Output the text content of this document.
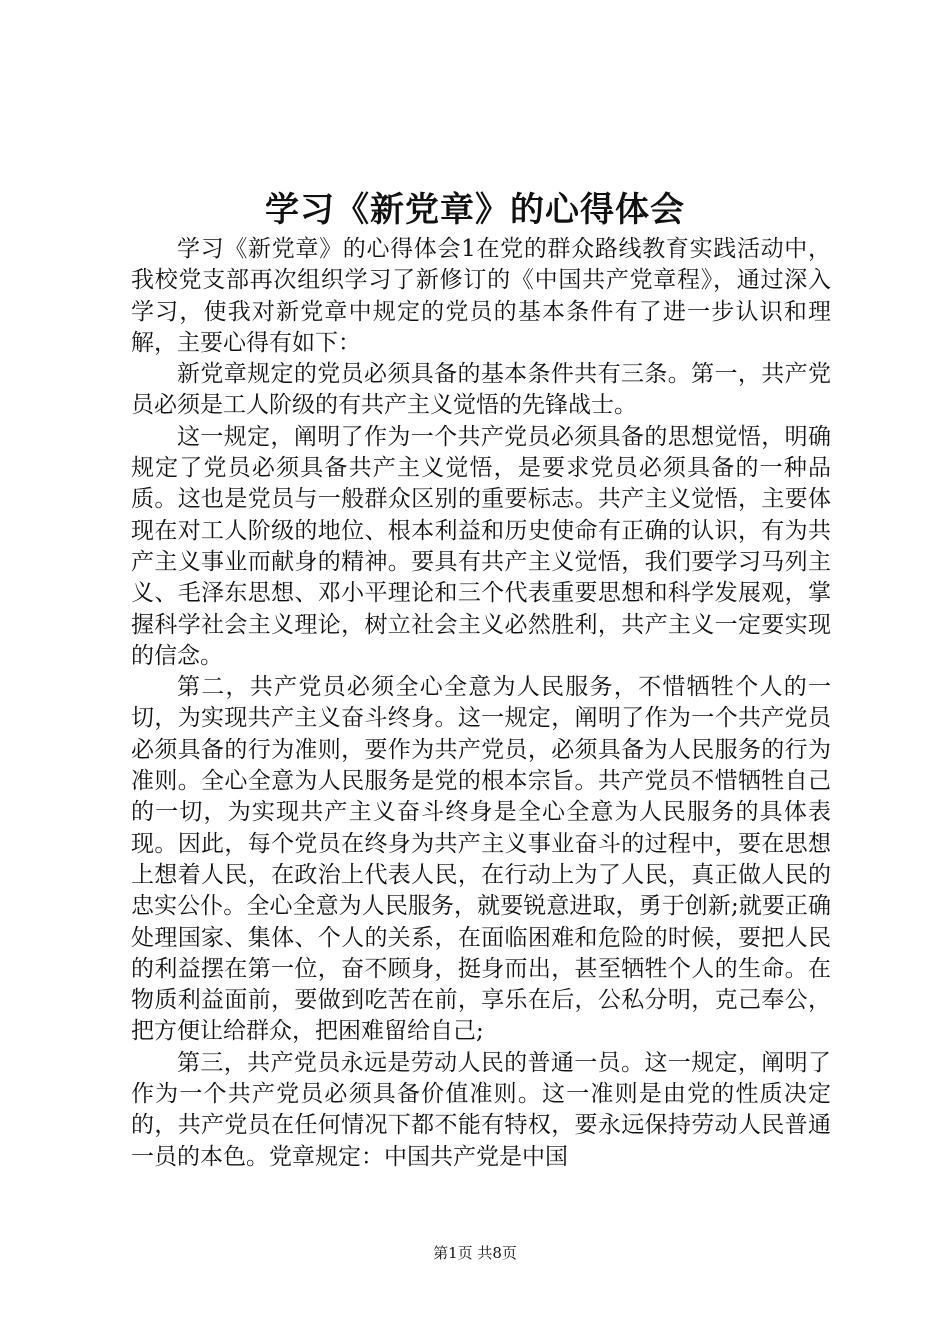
学习《新党章》的心得体会

学习《新党章》的心得体会1在党的群众路线教育实践活动中，我校党支部再次组织学习了新修订的《中国共产党章程》，通过深入学习，使我对新党章中规定的党员的基本条件有了进一步认识和理解，主要心得有如下：

新党章规定的党员必须具备的基本条件共有三条。第一，共产党员必须是工人阶级的有共产主义觉悟的先锋战士。

这一规定，阐明了作为一个共产党员必须具备的思想觉悟，明确规定了党员必须具备共产主义觉悟，是要求党员必须具备的一种品质。这也是党员与一般群众区别的重要标志。共产主义觉悟，主要体现在对工人阶级的地位、根本利益和历史使命有正确的认识，有为共产主义事业而献身的精神。要具有共产主义觉悟，我们要学习马列主义、毛泽东思想、邓小平理论和三个代表重要思想和科学发展观，掌握科学社会主义理论，树立社会主义必然胜利，共产主义一定要实现的信念。

第二，共产党员必须全心全意为人民服务，不惜牺牲个人的一切，为实现共产主义奋斗终身。这一规定，阐明了作为一个共产党员必须具备的行为准则，要作为共产党员，必须具备为人民服务的行为准则。全心全意为人民服务是党的根本宗旨。共产党员不惜牺牲自己的一切，为实现共产主义奋斗终身是全心全意为人民服务的具体表现。因此，每个党员在终身为共产主义事业奋斗的过程中，要在思想上想着人民，在政治上代表人民，在行动上为了人民，真正做人民的忠实公仆。全心全意为人民服务，就要锐意进取，勇于创新;就要正确处理国家、集体、个人的关系，在面临困难和危险的时候，要把人民的利益摆在第一位，奋不顾身，挺身而出，甚至牺牲个人的生命。在物质利益面前，要做到吃苦在前，享乐在后，公私分明，克己奉公，把方便让给群众，把困难留给自己;

第三，共产党员永远是劳动人民的普通一员。这一规定，阐明了作为一个共产党员必须具备价值准则。这一准则是由党的性质决定的，共产党员在任何情况下都不能有特权，要永远保持劳动人民普通一员的本色。党章规定：中国共产党是中国

第1页 共8页
